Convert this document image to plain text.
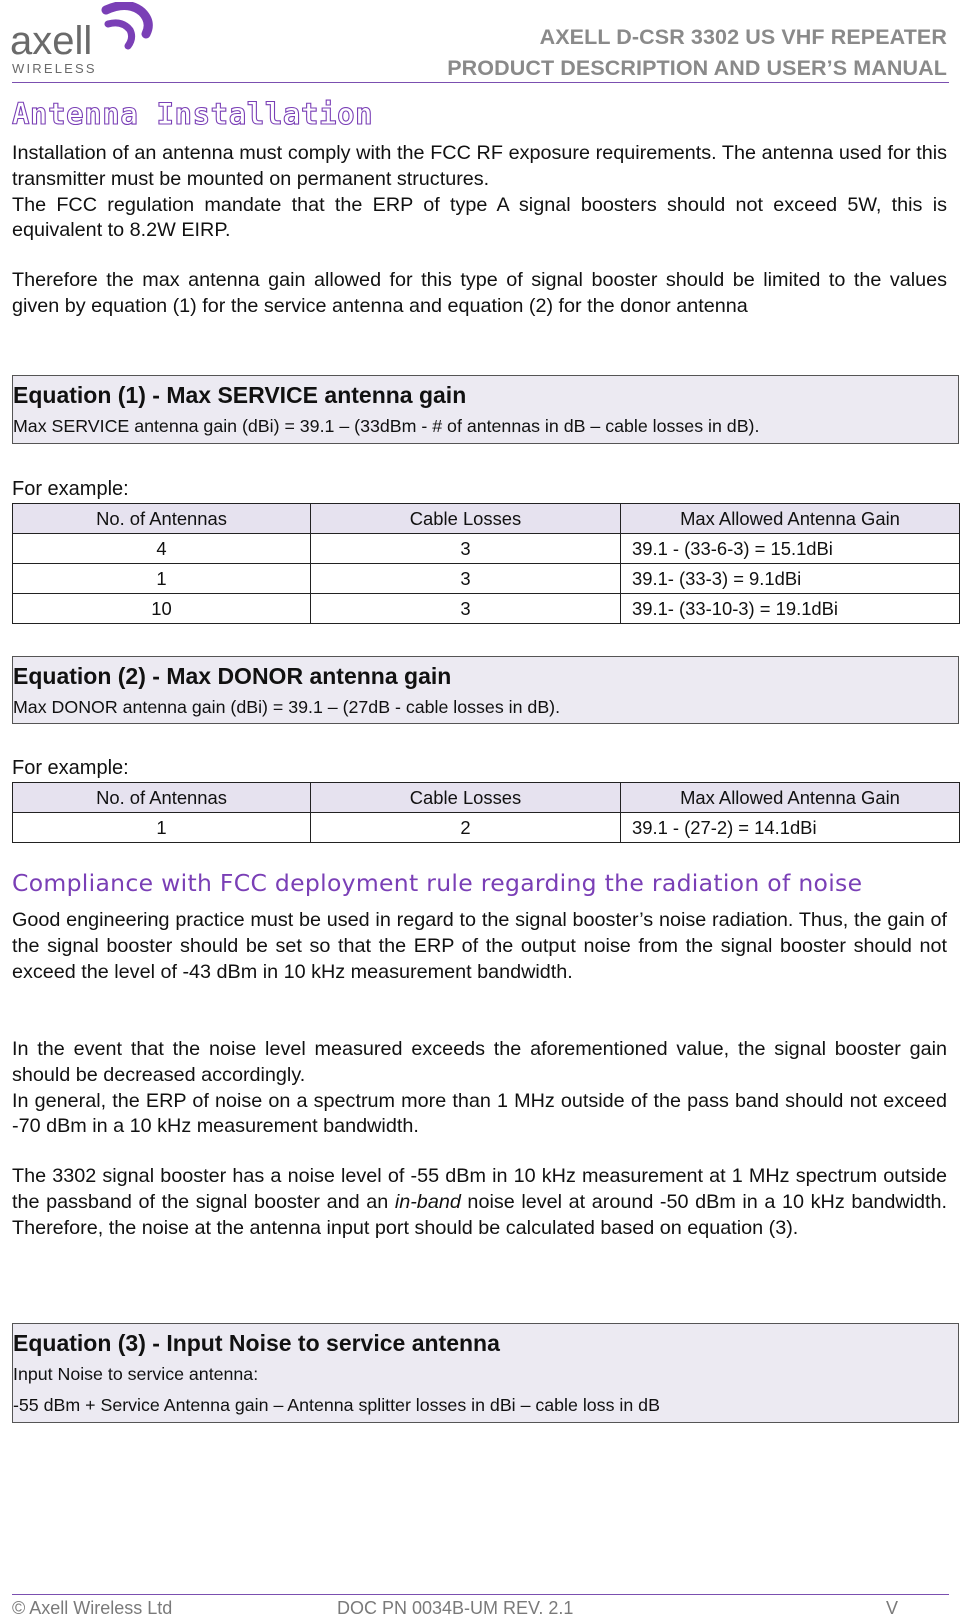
axell
WIRELESS
AXELL D-CSR 3302 US VHF REPEATER
PRODUCT DESCRIPTION AND USER’S MANUAL
Antenna Installation

Installation of an antenna must comply with the FCC RF exposure requirements. The antenna used for this transmitter must be mounted on permanent structures.

The FCC regulation mandate that the ERP of type A signal boosters should not exceed 5W, this is equivalent to 8.2W EIRP.

Therefore the max antenna gain allowed for this type of signal booster should be limited to the values given by equation (1) for the service antenna and equation (2) for the donor antenna
Equation (1) - Max SERVICE antenna gain
Max SERVICE antenna gain (dBi) = 39.1 – (33dBm - # of antennas in dB – cable losses in dB).
For example:
No. of Antennas	Cable Losses	Max Allowed Antenna Gain
4	3	39.1 - (33-6-3) = 15.1dBi
1	3	39.1- (33-3) = 9.1dBi
10	3	39.1- (33-10-3) = 19.1dBi
Equation (2) - Max DONOR antenna gain
Max DONOR antenna gain (dBi) = 39.1 – (27dB - cable losses in dB).
For example:
No. of Antennas	Cable Losses	Max Allowed Antenna Gain
1	2	39.1 - (27-2) = 14.1dBi
Compliance with FCC deployment rule regarding the radiation of noise
Good engineering practice must be used in regard to the signal booster’s noise radiation. Thus, the gain of the signal booster should be set so that the ERP of the output noise from the signal booster should not exceed the level of -43 dBm in 10 kHz measurement bandwidth.

In the event that the noise level measured exceeds the aforementioned value, the signal booster gain should be decreased accordingly.

In general, the ERP of noise on a spectrum more than 1 MHz outside of the pass band should not exceed -70 dBm in a 10 kHz measurement bandwidth.

The 3302 signal booster has a noise level of -55 dBm in 10 kHz measurement at 1 MHz spectrum outside the passband of the signal booster and an in-band noise level at around -50 dBm in a 10 kHz bandwidth. Therefore, the noise at the antenna input port should be calculated based on equation (3).
Equation (3) - Input Noise to service antenna
Input Noise to service antenna:
-55 dBm + Service Antenna gain – Antenna splitter losses in dBi – cable loss in dB
© Axell Wireless Ltd	DOC PN 0034B-UM REV. 2.1	V
